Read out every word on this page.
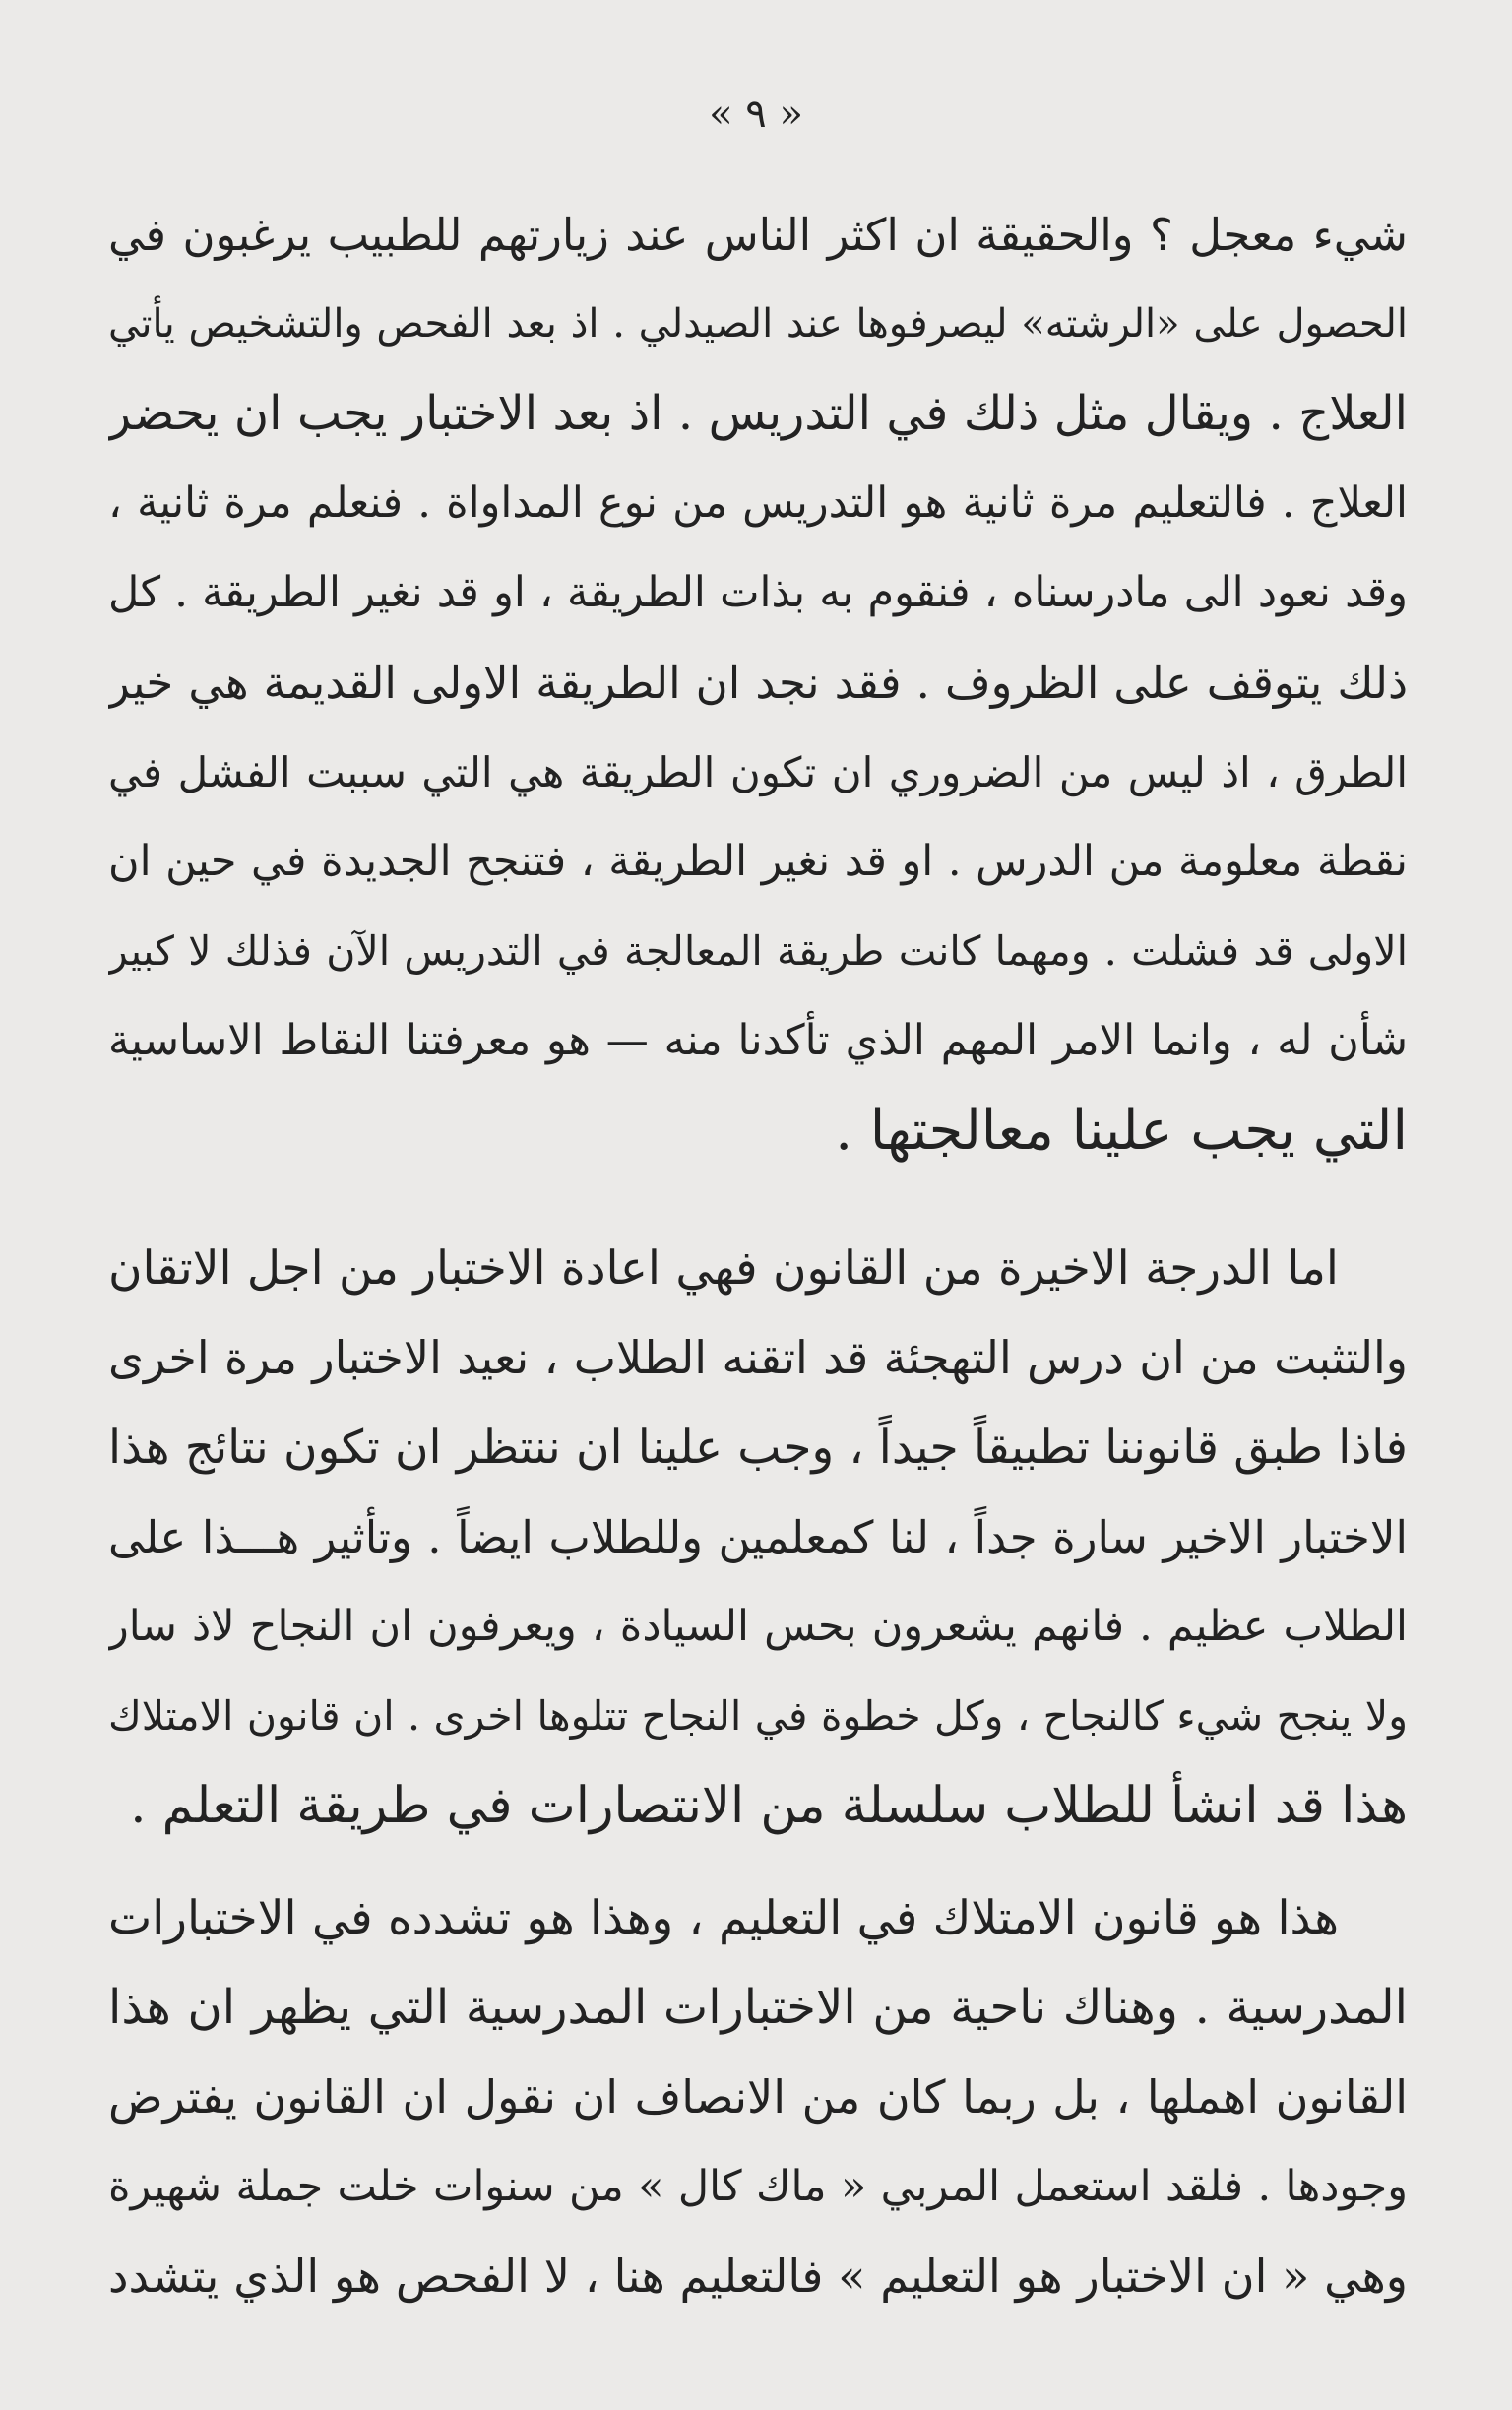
« ٩ »
شيء معجل ؟ والحقيقة ان اكثر الناس عند زيارتهم للطبيب يرغبون في
الحصول على «الرشته» ليصرفوها عند الصيدلي . اذ بعد الفحص والتشخيص يأتي
العلاج . ويقال مثل ذلك في التدريس . اذ بعد الاختبار يجب ان يحضر
العلاج . فالتعليم مرة ثانية هو التدريس من نوع المداواة . فنعلم مرة ثانية ،
وقد نعود الى مادرسناه ، فنقوم به بذات الطريقة ، او قد نغير الطريقة . كل
ذلك يتوقف على الظروف . فقد نجد ان الطريقة الاولى القديمة هي خير
الطرق ، اذ ليس من الضروري ان تكون الطريقة هي التي سببت الفشل في
نقطة معلومة من الدرس . او قد نغير الطريقة ، فتنجح الجديدة في حين ان
الاولى قد فشلت . ومهما كانت طريقة المعالجة في التدريس الآن فذلك لا كبير
شأن له ، وانما الامر المهم الذي تأكدنا منه — هو معرفتنا النقاط الاساسية
التي يجب علينا معالجتها .
اما الدرجة الاخيرة من القانون فهي اعادة الاختبار من اجل الاتقان
والتثبت من ان درس التهجئة قد اتقنه الطلاب ، نعيد الاختبار مرة اخرى
فاذا طبق قانوننا تطبيقاً جيداً ، وجب علينا ان ننتظر ان تكون نتائج هذا
الاختبار الاخير سارة جداً ، لنا كمعلمين وللطلاب ايضاً . وتأثير هـــذا على
الطلاب عظيم . فانهم يشعرون بحس السيادة ، ويعرفون ان النجاح لاذ سار
ولا ينجح شيء كالنجاح ، وكل خطوة في النجاح تتلوها اخرى . ان قانون الامتلاك
هذا قد انشأ للطلاب سلسلة من الانتصارات في طريقة التعلم .
هذا هو قانون الامتلاك في التعليم ، وهذا هو تشدده في الاختبارات
المدرسية . وهناك ناحية من الاختبارات المدرسية التي يظهر ان هذا
القانون اهملها ، بل ربما كان من الانصاف ان نقول ان القانون يفترض
وجودها . فلقد استعمل المربي « ماك كال » من سنوات خلت جملة شهيرة
وهي « ان الاختبار هو التعليم » فالتعليم هنا ، لا الفحص هو الذي يتشدد
